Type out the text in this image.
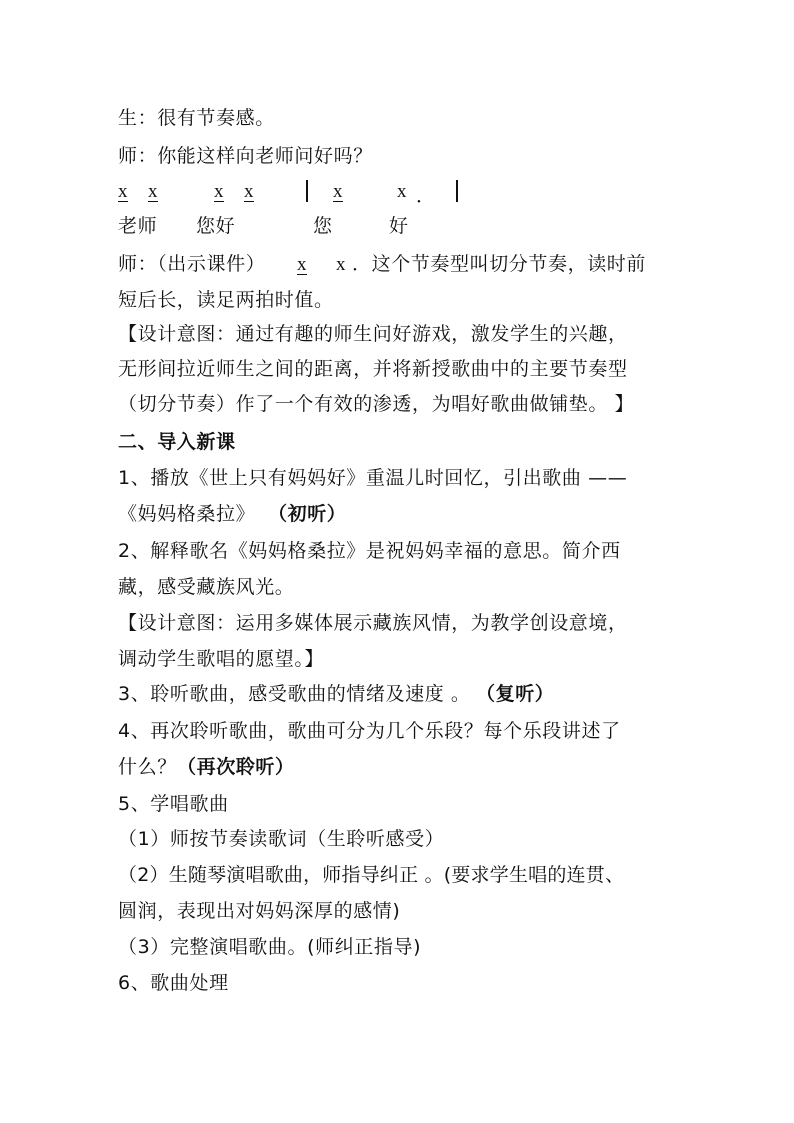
生：很有节奏感。
师：你能这样向老师问好吗？
x x	x x	x	x ．
老师 您好	您	好
师：（出示课件） x x ．这个节奏型叫切分节奏，读时前
短后长，读足两拍时值。
【设计意图：通过有趣的师生问好游戏，激发学生的兴趣，
无形间拉近师生之间的距离，并将新授歌曲中的主要节奏型
（切分节奏）作了一个有效的渗透，为唱好歌曲做铺垫。 】
二、导入新课
1、播放《世上只有妈妈好》重温儿时回忆，引出歌曲 ——
《妈妈格桑拉》 （初听）
2、解释歌名《妈妈格桑拉》是祝妈妈幸福的意思。简介西
藏，感受藏族风光。
【设计意图：运用多媒体展示藏族风情，为教学创设意境，
调动学生歌唱的愿望。】
3、聆听歌曲，感受歌曲的情绪及速度 。 （复听）
4、再次聆听歌曲，歌曲可分为几个乐段？每个乐段讲述了
什么？ （再次聆听）
5、学唱歌曲
（1）师按节奏读歌词（生聆听感受）
（2）生随琴演唱歌曲，师指导纠正 。(要求学生唱的连贯、
圆润，表现出对妈妈深厚的感情)
（3）完整演唱歌曲。(师纠正指导)
6、歌曲处理
